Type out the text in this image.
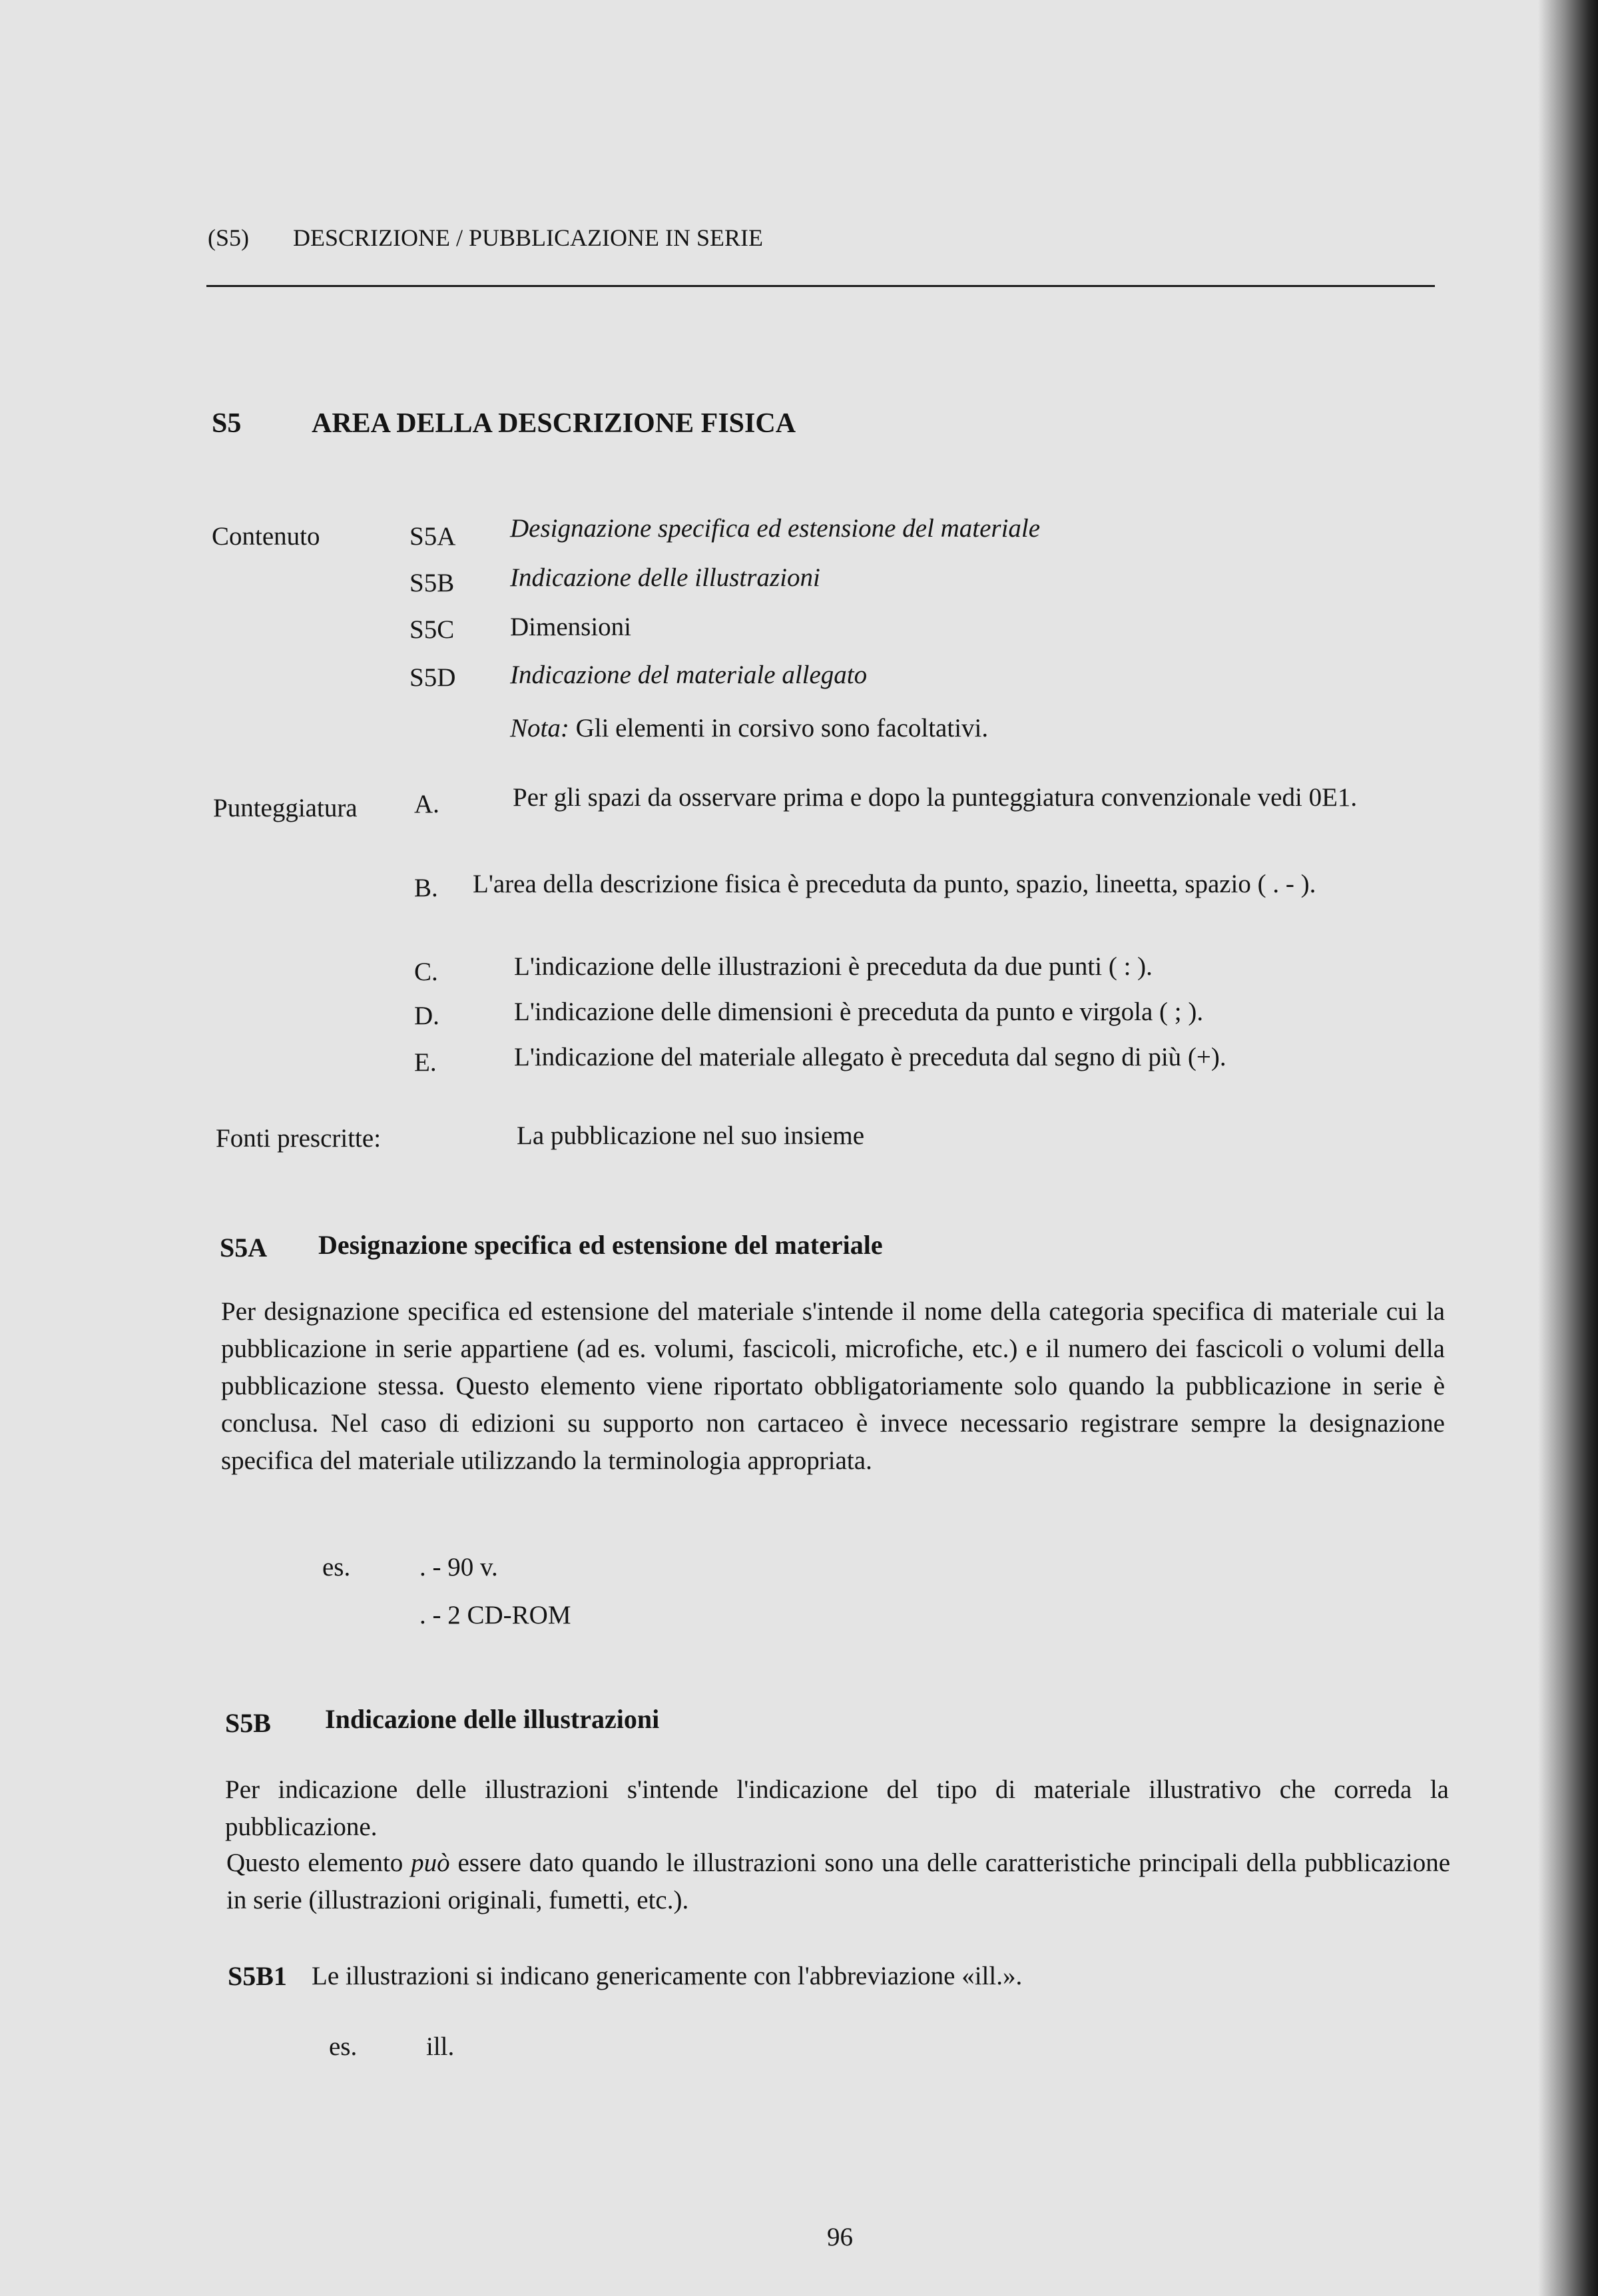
(S5) DESCRIZIONE / PUBBLICAZIONE IN SERIE
S5	AREA DELLA DESCRIZIONE FISICA
Contenuto	S5A Designazione specifica ed estensione del materiale
S5B Indicazione delle illustrazioni
S5C Dimensioni
S5D Indicazione del materiale allegato
Nota: Gli elementi in corsivo sono facoltativi.
Punteggiatura A.	Per gli spazi da osservare prima e dopo la punteggiatura convenzionale vedi 0E1.
B. L'area della descrizione fisica è preceduta da punto, spazio, lineetta, spazio ( . - ).
C.	L'indicazione delle illustrazioni è preceduta da due punti ( : ).
D.	L'indicazione delle dimensioni è preceduta da punto e virgola ( ; ).
E.	L'indicazione del materiale allegato è preceduta dal segno di più (+).
Fonti prescritte:	La pubblicazione nel suo insieme
S5A Designazione specifica ed estensione del materiale
Per designazione specifica ed estensione del materiale s'intende il nome della categoria specifica di materiale cui la pubblicazione in serie appartiene (ad es. volumi, fascicoli, microfiche, etc.) e il numero dei fascicoli o volumi della pubblicazione stessa. Questo elemento viene riportato obbligatoriamente solo quando la pubblicazione in serie è conclusa. Nel caso di edizioni su supporto non cartaceo è invece necessario registrare sempre la designazione specifica del materiale utilizzando la terminologia appropriata.
es.	. - 90 v.
. - 2 CD-ROM
S5B Indicazione delle illustrazioni
Per indicazione delle illustrazioni s'intende l'indicazione del tipo di materiale illustrativo che correda la pubblicazione.
Questo elemento può essere dato quando le illustrazioni sono una delle caratteristiche principali della pubblicazione in serie (illustrazioni originali, fumetti, etc.).
S5B1 Le illustrazioni si indicano genericamente con l'abbreviazione «ill.».
es.	ill.
96
